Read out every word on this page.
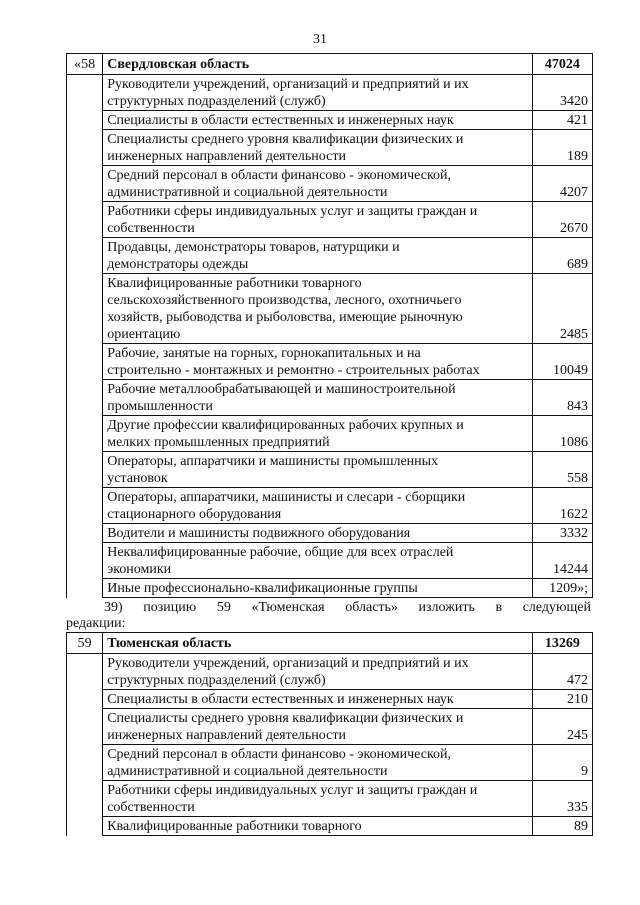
31
«58	Свердловская область	47024

	Руководители учреждений, организаций и предприятий и их
структурных подразделений (служб)	3420

	Специалисты в области естественных и инженерных наук	421

	Специалисты среднего уровня квалификации физических и
инженерных направлений деятельности	189

	Средний персонал в области финансово - экономической,
административной и социальной деятельности	4207

	Работники сферы индивидуальных услуг и защиты граждан и
собственности	2670

	Продавцы, демонстраторы товаров, натурщики и
демонстраторы одежды	689

	Квалифицированные работники товарного
сельскохозяйственного производства, лесного, охотничьего
хозяйств, рыбоводства и рыболовства, имеющие рыночную
ориентацию	2485

	Рабочие, занятые на горных, горнокапитальных и на
строительно - монтажных и ремонтно - строительных работах	10049

	Рабочие металлообрабатывающей и машиностроительной
промышленности	843

	Другие профессии квалифицированных рабочих крупных и
мелких промышленных предприятий	1086

	Операторы, аппаратчики и машинисты промышленных
установок	558

	Операторы, аппаратчики, машинисты и слесари - сборщики
стационарного оборудования	1622

	Водители и машинисты подвижного оборудования	3332

	Неквалифицированные рабочие, общие для всех отраслей
экономики	14244

	Иные профессионально-квалификационные группы	1209»;
39) позицию 59 «Тюменская область» изложить в следующей
редакции:
59	Тюменская область	13269

	Руководители учреждений, организаций и предприятий и их
структурных подразделений (служб)	472

	Специалисты в области естественных и инженерных наук	210

	Специалисты среднего уровня квалификации физических и
инженерных направлений деятельности	245

	Средний персонал в области финансово - экономической,
административной и социальной деятельности	9

	Работники сферы индивидуальных услуг и защиты граждан и
собственности	335

	Квалифицированные работники товарного	89
